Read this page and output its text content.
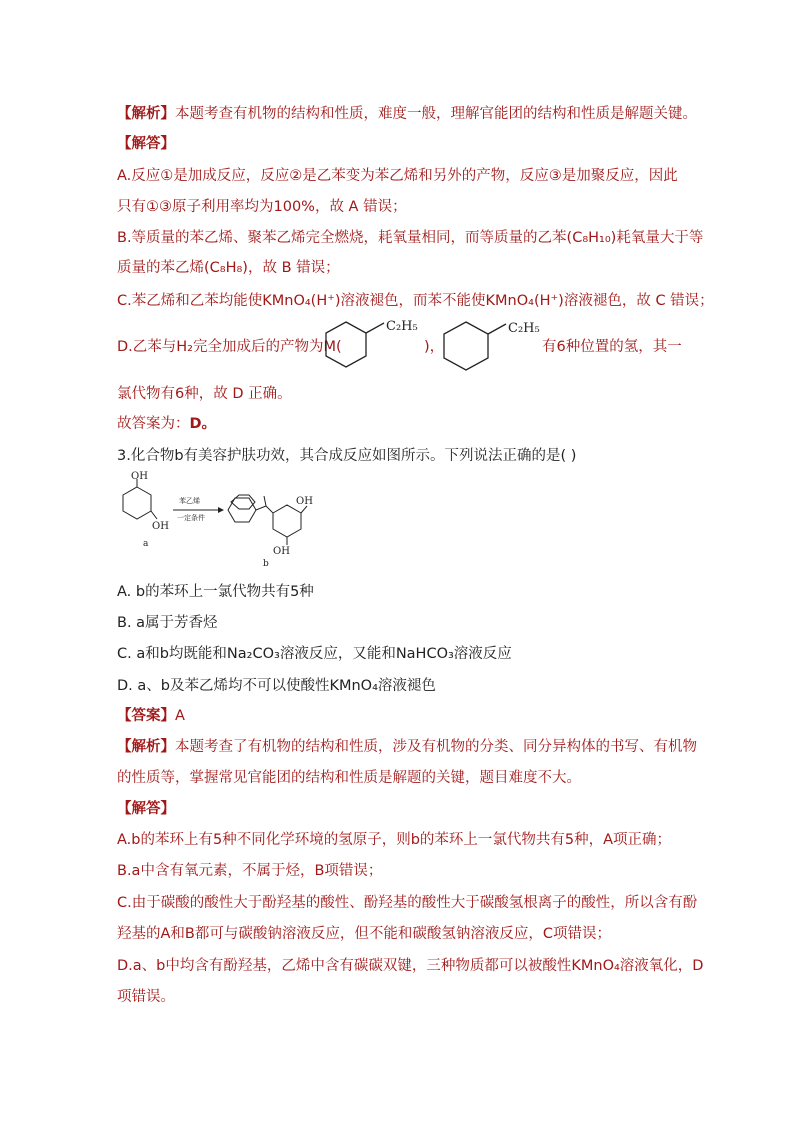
【解析】本题考查有机物的结构和性质，难度一般，理解官能团的结构和性质是解题关键。
【解答】
A.反应①是加成反应，反应②是乙苯变为苯乙烯和另外的产物，反应③是加聚反应，因此
只有①③原子利用率均为100%，故 A 错误；
B.等质量的苯乙烯、聚苯乙烯完全燃烧，耗氧量相同，而等质量的乙苯(C₈H₁₀)耗氧量大于等
质量的苯乙烯(C₈H₈)，故 B 错误；
C.苯乙烯和乙苯均能使KMnO₄(H⁺)溶液褪色，而苯不能使KMnO₄(H⁺)溶液褪色，故 C 错误；
D.乙苯与H₂完全加成后的产物为M(
C₂H₅
)，
C₂H₅
有6种位置的氢，其一
氯代物有6种，故 D 正确。
故答案为：D。
3.化合物b有美容护肤功效，其合成反应如图所示。下列说法正确的是( )
OH
OH
a
苯乙烯
一定条件
OH
OH
b
A. b的苯环上一氯代物共有5种
B. a属于芳香烃
C. a和b均既能和Na₂CO₃溶液反应，又能和NaHCO₃溶液反应
D. a、b及苯乙烯均不可以使酸性KMnO₄溶液褪色
【答案】A
【解析】本题考查了有机物的结构和性质，涉及有机物的分类、同分异构体的书写、有机物
的性质等，掌握常见官能团的结构和性质是解题的关键，题目难度不大。
【解答】
A.b的苯环上有5种不同化学环境的氢原子，则b的苯环上一氯代物共有5种，A项正确；
B.a中含有氧元素，不属于烃，B项错误；
C.由于碳酸的酸性大于酚羟基的酸性、酚羟基的酸性大于碳酸氢根离子的酸性，所以含有酚
羟基的A和B都可与碳酸钠溶液反应，但不能和碳酸氢钠溶液反应，C项错误；
D.a、b中均含有酚羟基，乙烯中含有碳碳双键，三种物质都可以被酸性KMnO₄溶液氧化，D
项错误。
